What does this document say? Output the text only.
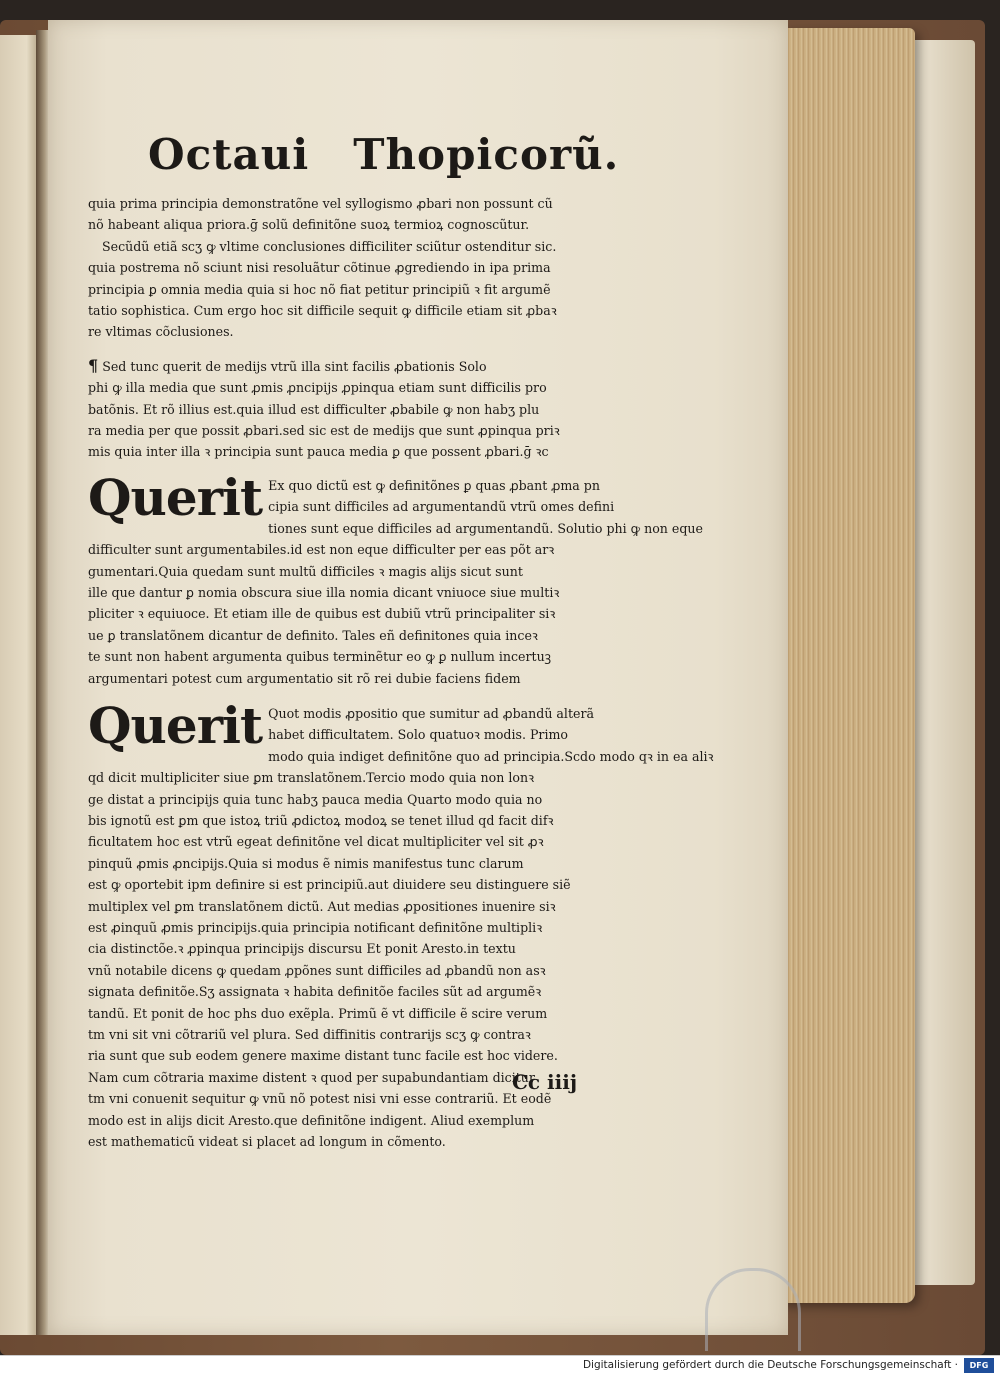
Octaui Thopicorũ.
quia prima principia demonstratõne vel syllogismo ꝓbari non possunt cũ
nõ habeant aliqua priora.ḡ solũ definitõne suoꝝ termioꝝ cognoscũtur.
Secũdũ etiã scʒ ꝙ vltime conclusiones difficiliter sciũtur ostenditur sic.
quia postrema nõ sciunt nisi resoluãtur cõtinue ꝓgrediendo in ipa prima
principia ꝑ omnia media quia si hoc nõ fiat petitur principiũ ꝛ fit argumẽ
tatio sophistica. Cum ergo hoc sit difficile sequit ꝙ difficile etiam sit ꝓbaꝛ
re vltimas cõclusiones.
¶ Sed tunc querit de medijs vtrũ illa sint facilis ꝓbationis Solo
phi ꝙ illa media que sunt ꝓmis ꝓncipijs ꝓpinqua etiam sunt difficilis pro
batõnis. Et rõ illius est.quia illud est difficulter ꝓbabile ꝙ non habʒ plu
ra media per que possit ꝓbari.sed sic est de medijs que sunt ꝓpinqua priꝛ
mis quia inter illa ꝛ principia sunt pauca media ꝑ que possent ꝓbari.ḡ ꝛc
Querit Ex quo dictũ est ꝙ definitõnes ꝑ quas ꝓbant ꝓma pn
cipia sunt difficiles ad argumentandũ vtrũ omes defini
tiones sunt eque difficiles ad argumentandũ. Solutio phi ꝙ non eque
difficulter sunt argumentabiles.id est non eque difficulter per eas põt arꝛ
gumentari.Quia quedam sunt multũ difficiles ꝛ magis alijs sicut sunt
ille que dantur ꝑ nomia obscura siue illa nomia dicant vniuoce siue multiꝛ
pliciter ꝛ equiuoce. Et etiam ille de quibus est dubiũ vtrũ principaliter siꝛ
ue ꝑ translatõnem dicantur de definito. Tales eñ definitones quia inceꝛ
te sunt non habent argumenta quibus terminẽtur eo ꝙ ꝑ nullum incertuꝫ
argumentari potest cum argumentatio sit rõ rei dubie faciens fidem
Querit Quot modis ꝓpositio que sumitur ad ꝓbandũ alterã
habet difficultatem. Solo quatuoꝛ modis. Primo
modo quia indiget definitõne quo ad principia.Scdo modo qꝛ in ea aliꝛ
qd dicit multipliciter siue ꝑm translatõnem.Tercio modo quia non lonꝛ
ge distat a principijs quia tunc habʒ pauca media Quarto modo quia no
bis ignotũ est ꝑm que istoꝝ triũ ꝓdictoꝝ modoꝝ se tenet illud qd facit difꝛ
ficultatem hoc est vtrũ egeat definitõne vel dicat multipliciter vel sit ꝓꝛ
pinquũ ꝓmis ꝓncipijs.Quia si modus ẽ nimis manifestus tunc clarum
est ꝙ oportebit ipm definire si est principiũ.aut diuidere seu distinguere siẽ
multiplex vel ꝑm translatõnem dictũ. Aut medias ꝓpositiones inuenire siꝛ
est ꝓinquũ ꝓmis principijs.quia principia notificant definitõne multipliꝛ
cia distinctõe.ꝛ ꝓpinqua principijs discursu Et ponit Aresto.in textu
vnũ notabile dicens ꝙ quedam ꝓpõnes sunt difficiles ad ꝓbandũ non asꝛ
signata definitõe.Sʒ assignata ꝛ habita definitõe faciles sũt ad argumẽꝛ
tandũ. Et ponit de hoc phs duo exẽpla. Primũ ẽ vt difficile ẽ scire verum
tm vni sit vni cõtrariũ vel plura. Sed diffinitis contrarijs scʒ ꝙ contraꝛ
ria sunt que sub eodem genere maxime distant tunc facile est hoc videre.
Nam cum cõtraria maxime distent ꝛ quod per supabundantiam dicitur
tm vni conuenit sequitur ꝙ vnũ nõ potest nisi vni esse contrariũ. Et eodẽ
modo est in alijs dicit Aresto.que definitõne indigent. Aliud exemplum
est mathematicũ videat si placet ad longum in cõmento.
Cc iiij
Digitalisierung gefördert durch die Deutsche Forschungsgemeinschaft ·	DFG
